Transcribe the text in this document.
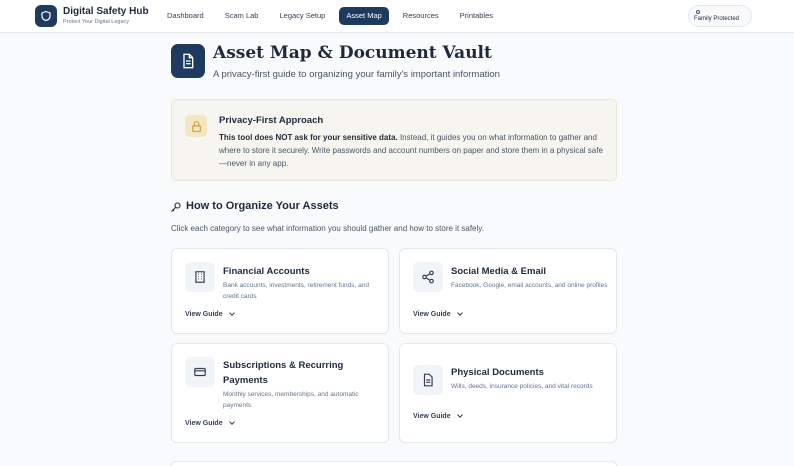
Digital Safety Hub
Protect Your Digital Legacy
Dashboard	Scam Lab	Legacy Setup	Asset Map	Resources	Printables	Family Protected
Asset Map & Document Vault
A privacy-first guide to organizing your family's important information
Privacy-First Approach
This tool does NOT ask for your sensitive data. Instead, it guides you on what information to gather and where to store it securely. Write passwords and account numbers on paper and store them in a physical safe—never in any app.
How to Organize Your Assets
Click each category to see what information you should gather and how to store it safely.
Financial Accounts
Bank accounts, investments, retirement funds, and credit cards
View Guide
Social Media & Email
Facebook, Google, email accounts, and online profiles
View Guide
Subscriptions & Recurring Payments
Monthly services, memberships, and automatic payments
View Guide
Physical Documents
Wills, deeds, insurance policies, and vital records
View Guide
